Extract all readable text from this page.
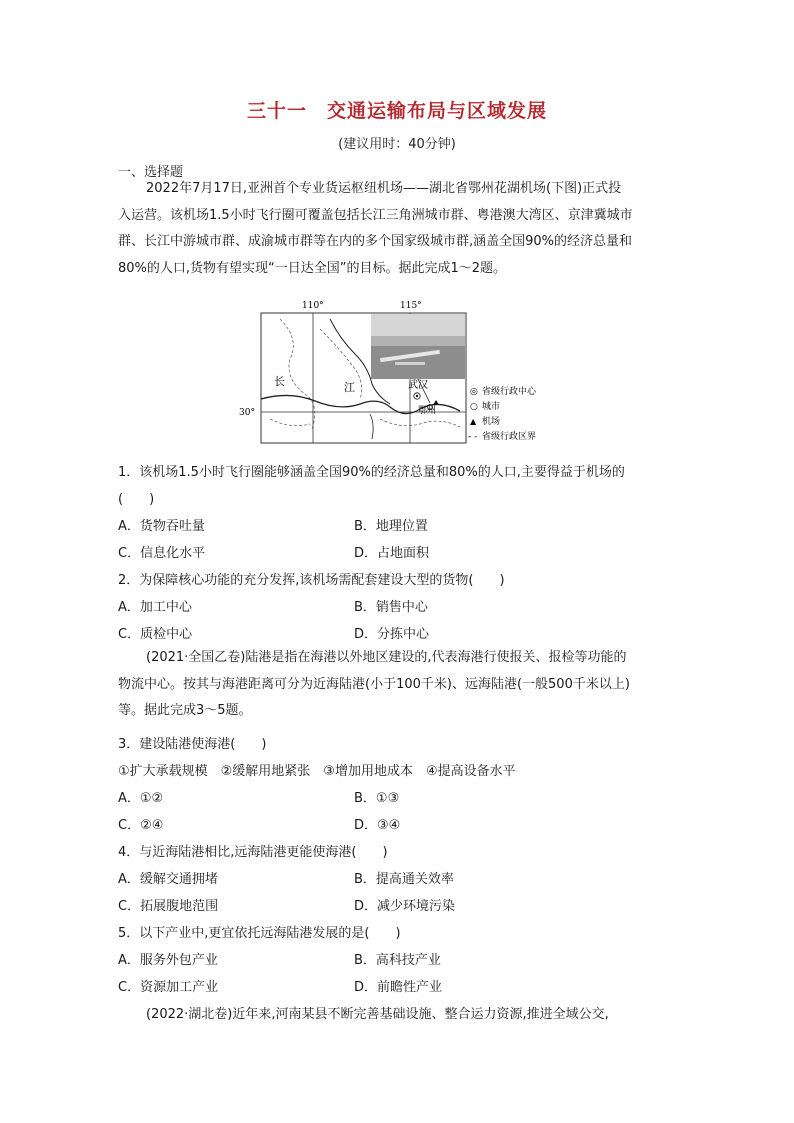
三十一　交通运输布局与区域发展
(建议用时：40分钟)
一、选择题
2022年7月17日,亚洲首个专业货运枢纽机场——湖北省鄂州花湖机场(下图)正式投
入运营。该机场1.5小时飞行圈可覆盖包括长江三角洲城市群、粤港澳大湾区、京津冀城市
群、长江中游城市群、成渝城市群等在内的多个国家级城市群,涵盖全国90%的经济总量和
80%的人口,货物有望实现“一日达全国”的目标。据此完成1～2题。
110°	115°
30°
长	江	武汉
鄂州
◎ 省级行政中心
○ 城市
▲ 机场
- - 省级行政区界
1．该机场1.5小时飞行圈能够涵盖全国90%的经济总量和80%的人口,主要得益于机场的
(　　)
A．货物吞吐量	B．地理位置
C．信息化水平	D．占地面积
2．为保障核心功能的充分发挥,该机场需配套建设大型的货物(　　)
A．加工中心	B．销售中心
C．质检中心	D．分拣中心
(2021·全国乙卷)陆港是指在海港以外地区建设的,代表海港行使报关、报检等功能的
物流中心。按其与海港距离可分为近海陆港(小于100千米)、远海陆港(一般500千米以上)
等。据此完成3～5题。
3．建设陆港使海港(　　)
①扩大承载规模　②缓解用地紧张　③增加用地成本　④提高设备水平
A．①②	B．①③
C．②④	D．③④
4．与近海陆港相比,远海陆港更能使海港(　　)
A．缓解交通拥堵	B．提高通关效率
C．拓展腹地范围	D．减少环境污染
5．以下产业中,更宜依托远海陆港发展的是(　　)
A．服务外包产业	B．高科技产业
C．资源加工产业	D．前瞻性产业
(2022·湖北卷)近年来,河南某县不断完善基础设施、整合运力资源,推进全域公交,
